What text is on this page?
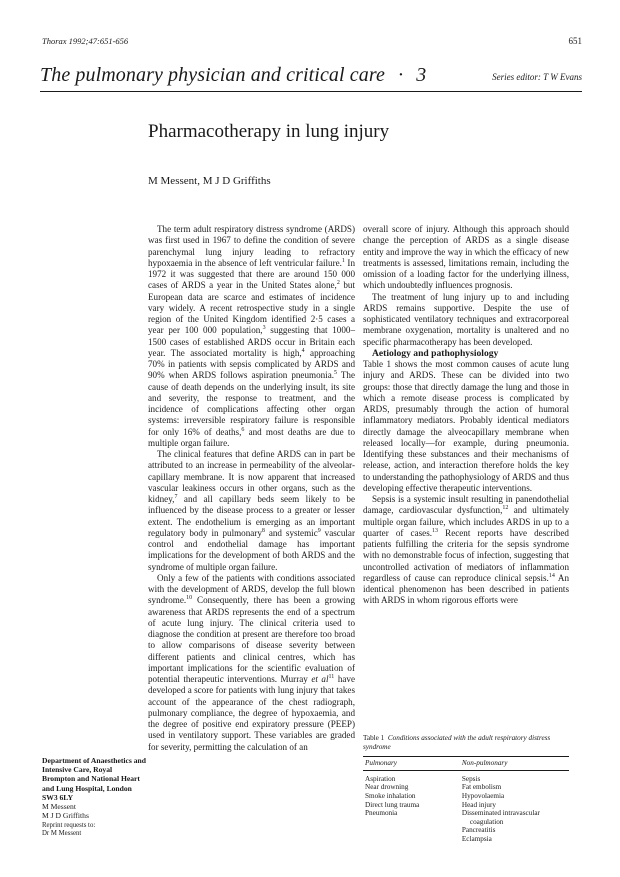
Thorax 1992;47:651-656	651
The pulmonary physician and critical care · 3	Series editor: T W Evans
Pharmacotherapy in lung injury
M Messent, M J D Griffiths

The term adult respiratory distress syndrome (ARDS) was first used in 1967 to define the condition of severe parenchymal lung injury leading to refractory hypoxaemia in the absence of left ventricular failure.$^1$ In 1972 it was suggested that there are around 150 000 cases of ARDS a year in the United States alone,$^2$ but European data are scarce and estimates of incidence vary widely. A recent retrospective study in a single region of the United Kingdom identified 2·5 cases a year per 100 000 population,$^3$ suggesting that 1000–1500 cases of established ARDS occur in Britain each year. The associated mortality is high,$^4$ approaching 70% in patients with sepsis complicated by ARDS and 90% when ARDS follows aspiration pneumonia.$^5$ The cause of death depends on the underlying insult, its site and severity, the response to treatment, and the incidence of complications affecting other organ systems: irreversible respiratory failure is responsible for only 16% of deaths,$^6$ and most deaths are due to multiple organ failure.

The clinical features that define ARDS can in part be attributed to an increase in permeability of the alveolar-capillary membrane. It is now apparent that increased vascular leakiness occurs in other organs, such as the kidney,$^7$ and all capillary beds seem likely to be influenced by the disease process to a greater or lesser extent. The endothelium is emerging as an important regulatory body in pulmonary$^8$ and systemic$^9$ vascular control and endothelial damage has important implications for the development of both ARDS and the syndrome of multiple organ failure.

Only a few of the patients with conditions associated with the development of ARDS, develop the full blown syndrome.$^{10}$ Consequently, there has been a growing awareness that ARDS represents the end of a spectrum of acute lung injury. The clinical criteria used to diagnose the condition at present are therefore too broad to allow comparisons of disease severity between different patients and clinical centres, which has important implications for the scientific evaluation of potential therapeutic interventions. Murray et $al^{11}$ have developed a score for patients with lung injury that takes account of the appearance of the chest radiograph, pulmonary compliance, the degree of hypoxaemia, and the degree of positive end expiratory pressure (PEEP) used in ventilatory support. These variables are graded for severity, permitting the calculation of an

overall score of injury. Although this approach should change the perception of ARDS as a single disease entity and improve the way in which the efficacy of new treatments is assessed, limitations remain, including the omission of a loading factor for the underlying illness, which undoubtedly influences prognosis.

The treatment of lung injury up to and including ARDS remains supportive. Despite the use of sophisticated ventilatory techniques and extracorporeal membrane oxygenation, mortality is unaltered and no specific pharmacotherapy has been developed.

Aetiology and pathophysiology

Table 1 shows the most common causes of acute lung injury and ARDS. These can be divided into two groups: those that directly damage the lung and those in which a remote disease process is complicated by ARDS, presumably through the action of humoral inflammatory mediators. Probably identical mediators directly damage the alveocapillary membrane when released locally—for example, during pneumonia. Identifying these substances and their mechanisms of release, action, and interaction therefore holds the key to understanding the pathophysiology of ARDS and thus developing effective therapeutic interventions.

Sepsis is a systemic insult resulting in panendothelial damage, cardiovascular dysfunction,$^{12}$ and ultimately multiple organ failure, which includes ARDS in up to a quarter of cases.$^{13}$ Recent reports have described patients fulfilling the criteria for the sepsis syndrome with no demonstrable focus of infection, suggesting that uncontrolled activation of mediators of inflammation regardless of cause can reproduce clinical sepsis.$^{14}$ An identical phenomenon has been described in patients with ARDS in whom rigorous efforts were

Department of Anaesthetics and Intensive Care, Royal Brompton and National Heart and Lung Hospital, London SW3 6LY
M Messent
M J D Griffiths
Reprint requests to:
Dr M Messent
Table 1 Conditions associated with the adult respiratory distress syndrome
Pulmonary	Non-pulmonary
Aspiration	Sepsis
Near drowning	Fat embolism
Smoke inhalation	Hypovolaemia
Direct lung trauma	Head injury
Pneumonia	Disseminated intravascular
	coagulation
	Pancreatitis
	Eclampsia
